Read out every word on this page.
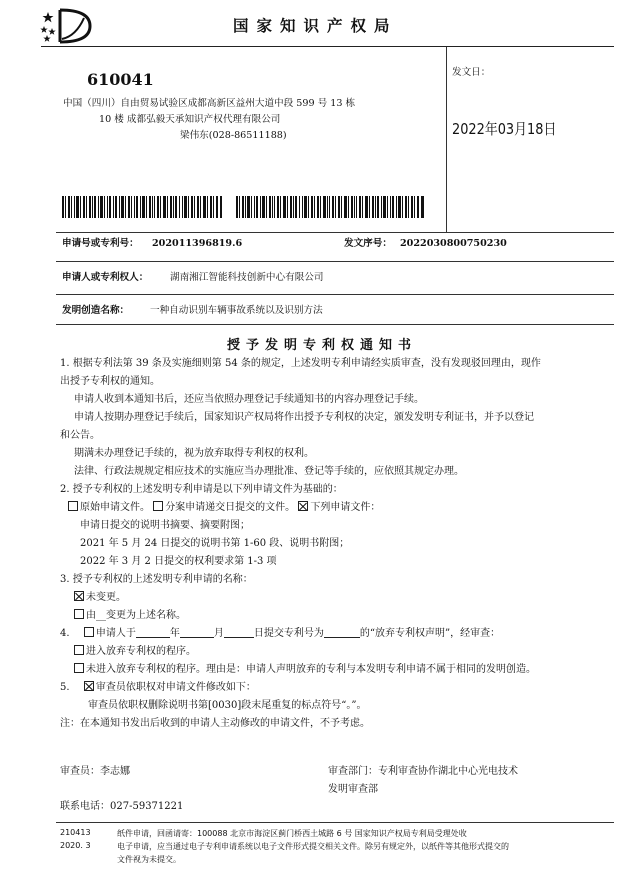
国家知识产权局
610041
中国（四川）自由贸易试验区成都高新区益州大道中段 599 号 13 栋
10 楼 成都弘毅天承知识产权代理有限公司
梁伟东(028-86511188)
发文日：
2022年03月18日
申请号或专利号： 202011396819.6	发文序号： 2022030800750230
申请人或专利权人： 湖南湘江智能科技创新中心有限公司
发明创造名称： 一种自动识别车辆事故系统以及识别方法
授予发明专利权通知书
1. 根据专利法第 39 条及实施细则第 54 条的规定，上述发明专利申请经实质审查，没有发现驳回理由，现作
出授予专利权的通知。
申请人收到本通知书后，还应当依照办理登记手续通知书的内容办理登记手续。
申请人按期办理登记手续后，国家知识产权局将作出授予专利权的决定，颁发发明专利证书，并予以登记
和公告。
期满未办理登记手续的，视为放弃取得专利权的权利。
法律、行政法规规定相应技术的实施应当办理批准、登记等手续的，应依照其规定办理。
2. 授予专利权的上述发明专利申请是以下列申请文件为基础的：
原始申请文件。 分案申请递交日提交的文件。 下列申请文件：
申请日提交的说明书摘要、摘要附图；
2021 年 5 月 24 日提交的说明书第 1-60 段、说明书附图；
2022 年 3 月 2 日提交的权利要求第 1-3 项
3. 授予专利权的上述发明专利申请的名称：
未变更。
由__变更为上述名称。
4.	申请人于	年	月	日提交专利号为	的“放弃专利权声明”，经审查：
进入放弃专利权的程序。
未进入放弃专利权的程序。理由是：申请人声明放弃的专利与本发明专利申请不属于相同的发明创造。
5.	审查员依职权对申请文件修改如下：
审查员依职权删除说明书第[0030]段末尾重复的标点符号“。”。
注：在本通知书发出后收到的申请人主动修改的申请文件，不予考虑。
审查员：李志娜	审查部门：专利审查协作湖北中心光电技术
发明审查部
联系电话：027-59371221
210413
2020. 3
纸件申请，回函请寄：100088 北京市海淀区蓟门桥西土城路 6 号 国家知识产权局专利局受理处收
电子申请，应当通过电子专利申请系统以电子文件形式提交相关文件。除另有规定外，以纸件等其他形式提交的
文件视为未提交。
